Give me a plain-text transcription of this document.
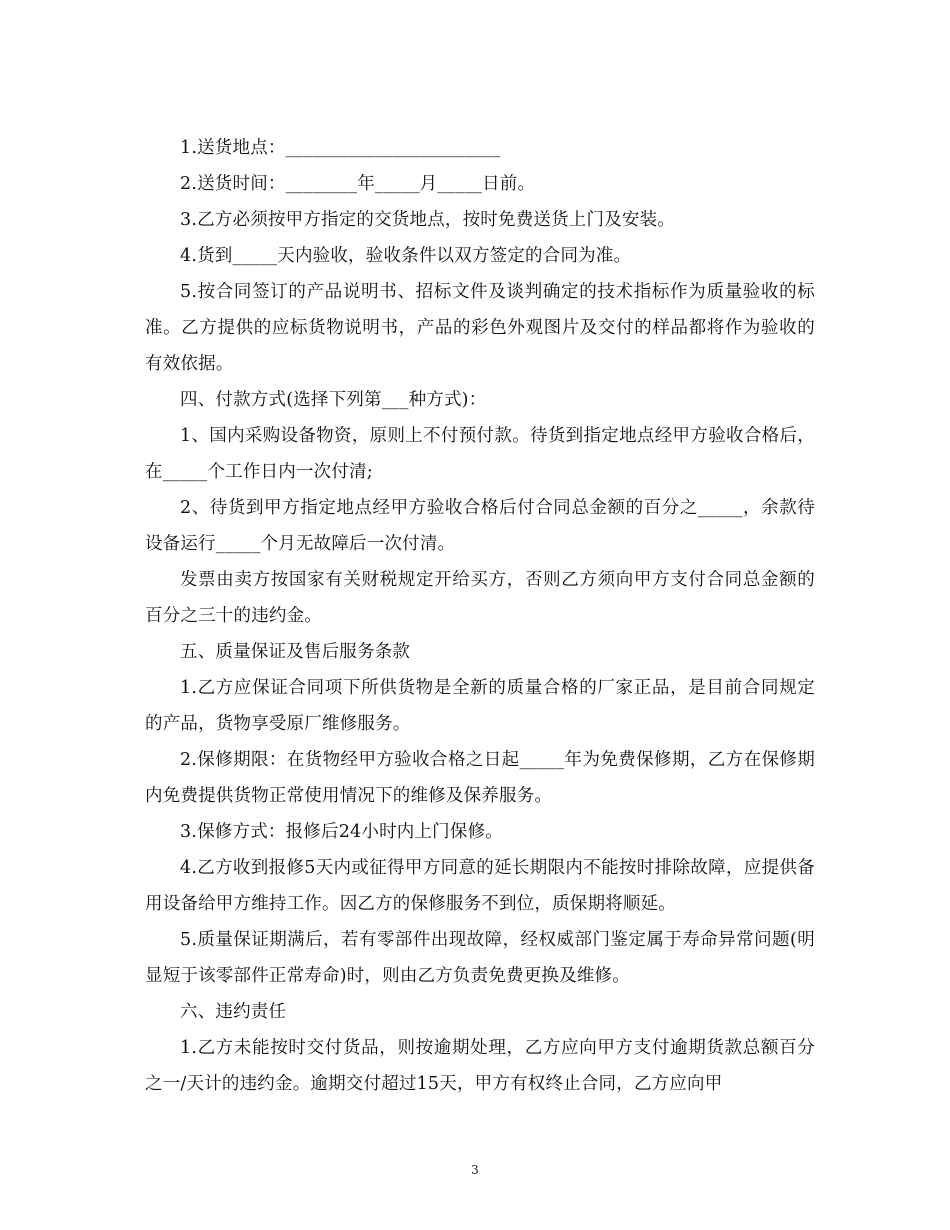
1.送货地点：________________________

2.送货时间：________年_____月_____日前。

3.乙方必须按甲方指定的交货地点，按时免费送货上门及安装。

4.货到_____天内验收，验收条件以双方签定的合同为准。

5.按合同签订的产品说明书、招标文件及谈判确定的技术指标作为质量验收的标准。乙方提供的应标货物说明书，产品的彩色外观图片及交付的样品都将作为验收的有效依据。

四、付款方式(选择下列第___种方式)：

1、国内采购设备物资，原则上不付预付款。待货到指定地点经甲方验收合格后，在_____个工作日内一次付清;

2、待货到甲方指定地点经甲方验收合格后付合同总金额的百分之_____，余款待设备运行_____个月无故障后一次付清。

发票由卖方按国家有关财税规定开给买方，否则乙方须向甲方支付合同总金额的百分之三十的违约金。

五、质量保证及售后服务条款

1.乙方应保证合同项下所供货物是全新的质量合格的厂家正品，是目前合同规定的产品，货物享受原厂维修服务。

2.保修期限：在货物经甲方验收合格之日起_____年为免费保修期，乙方在保修期内免费提供货物正常使用情况下的维修及保养服务。

3.保修方式：报修后24小时内上门保修。

4.乙方收到报修5天内或征得甲方同意的延长期限内不能按时排除故障，应提供备用设备给甲方维持工作。因乙方的保修服务不到位，质保期将顺延。

5.质量保证期满后，若有零部件出现故障，经权威部门鉴定属于寿命异常问题(明显短于该零部件正常寿命)时，则由乙方负责免费更换及维修。

六、违约责任

1.乙方未能按时交付货品，则按逾期处理，乙方应向甲方支付逾期货款总额百分之一/天计的违约金。逾期交付超过15天，甲方有权终止合同，乙方应向甲

3
